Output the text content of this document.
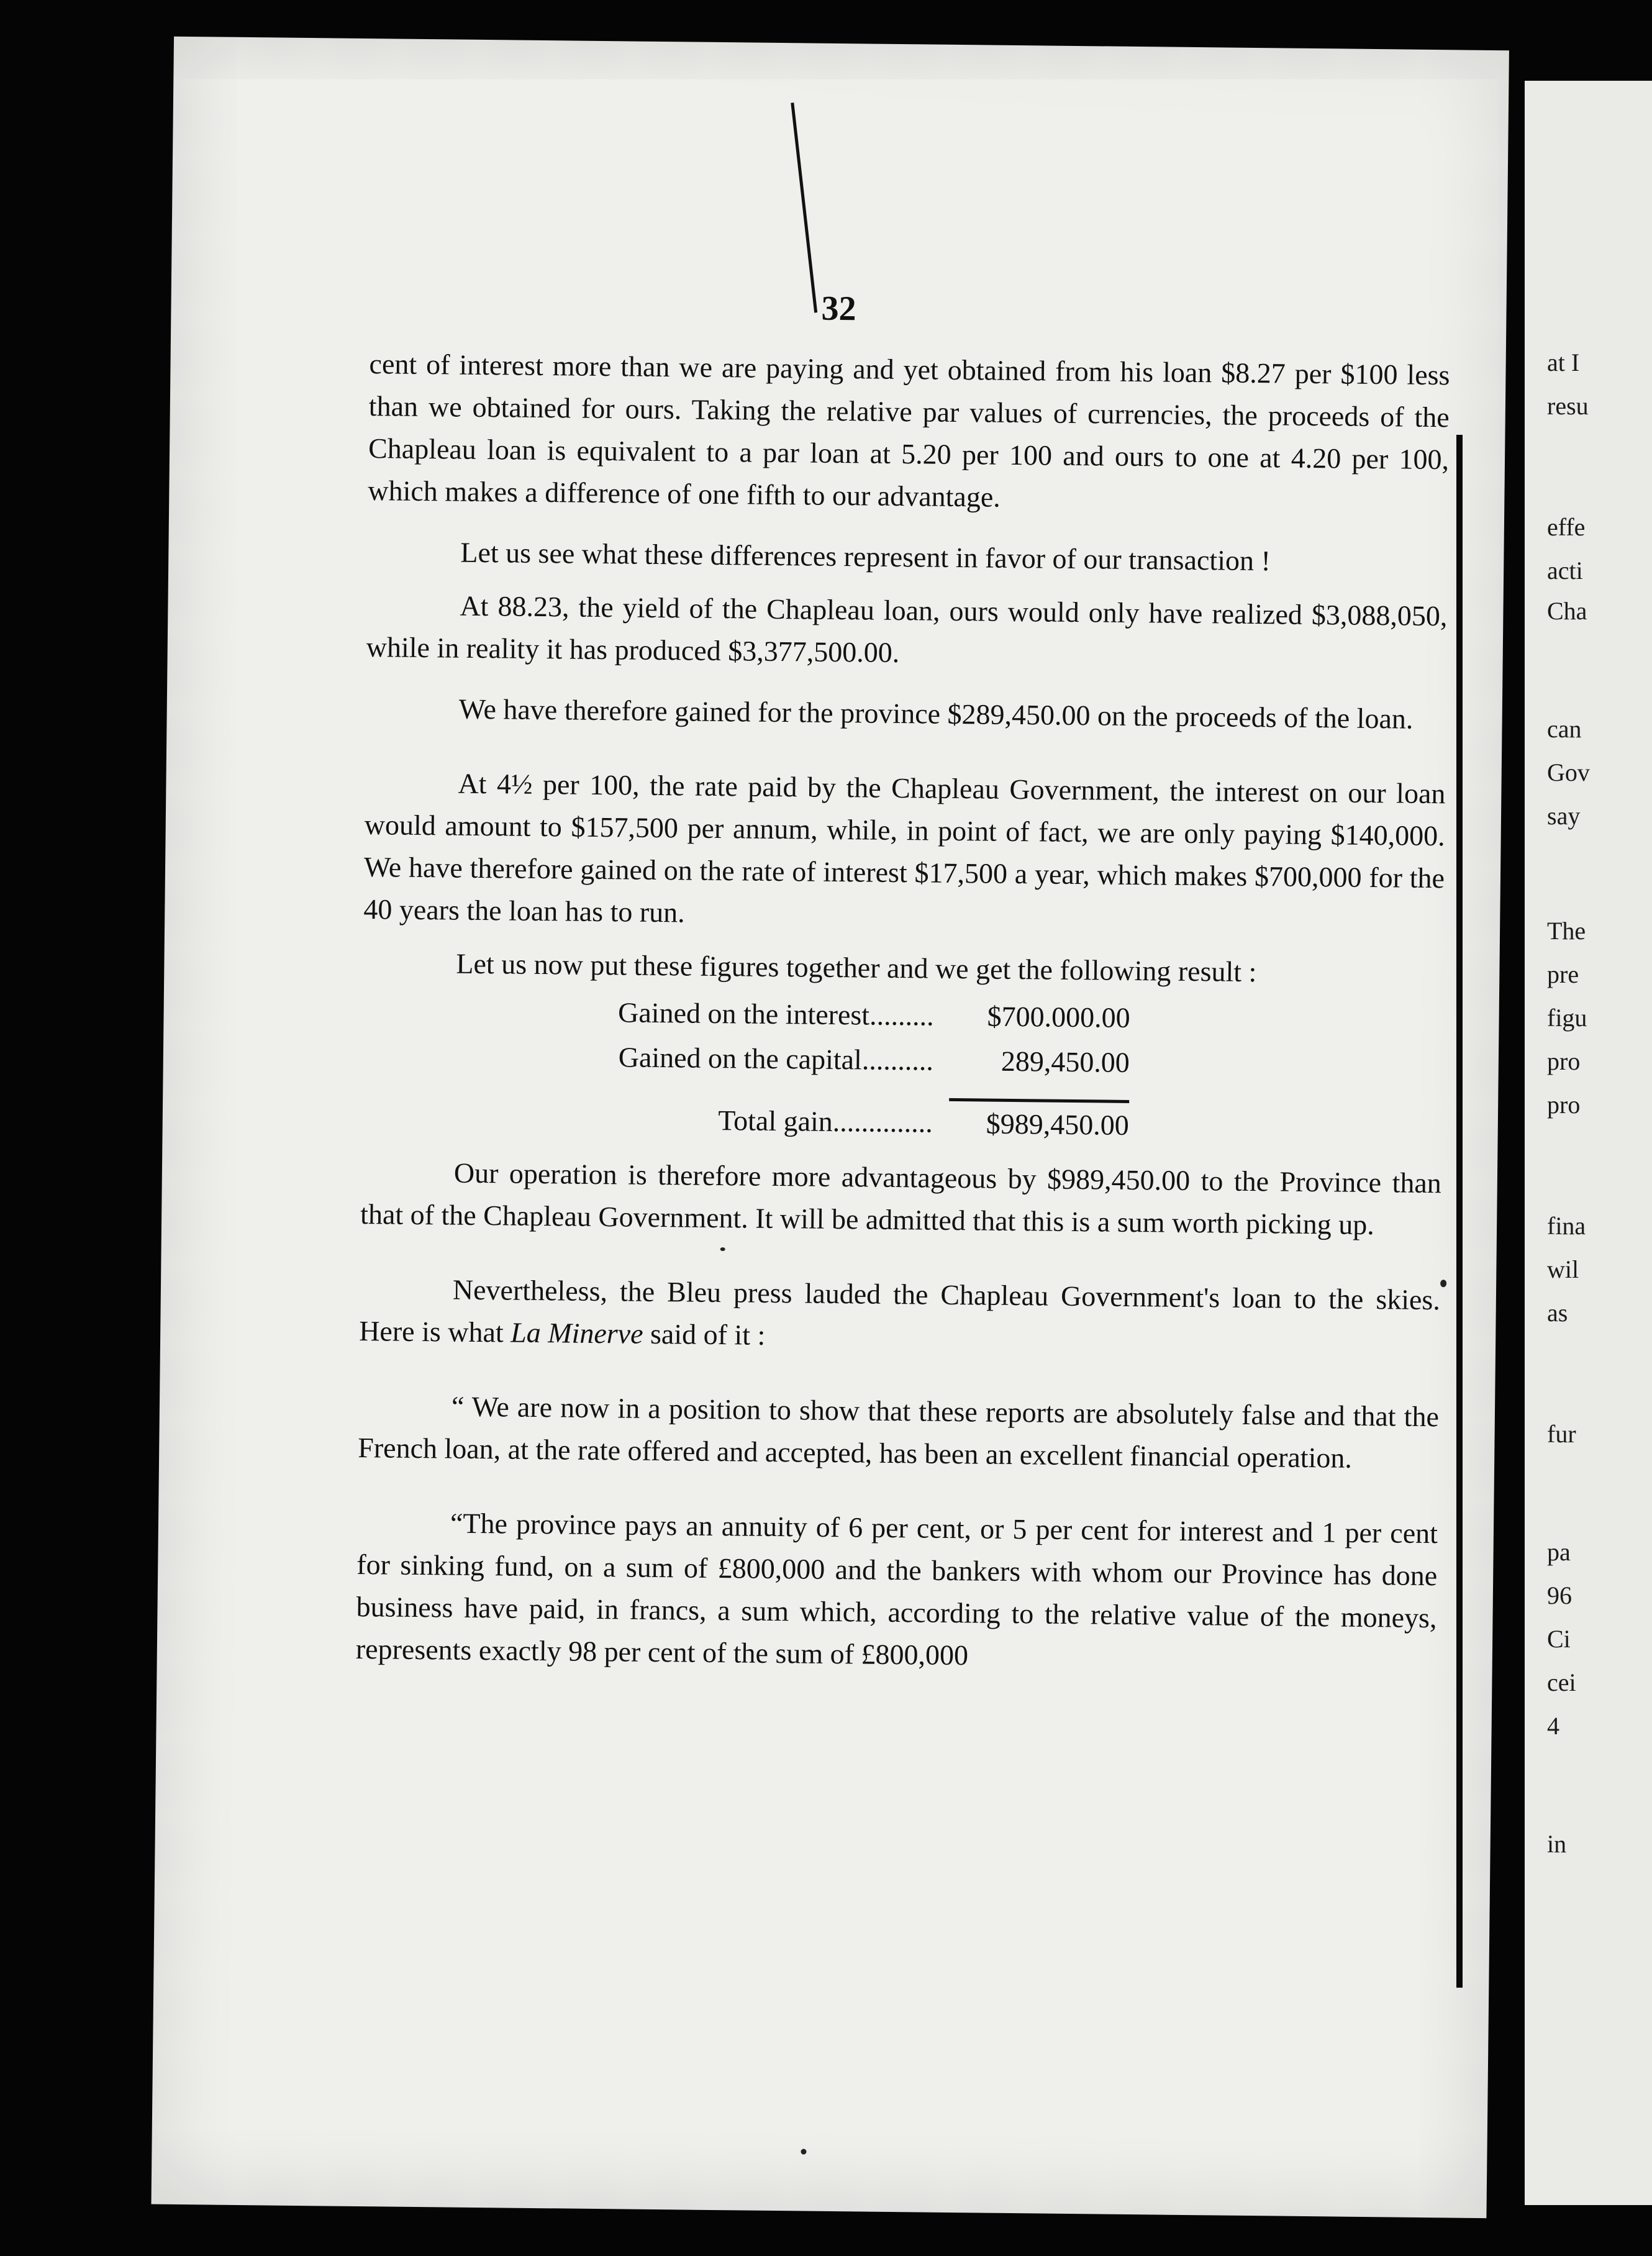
32

cent of interest more than we are paying and yet obtained from his loan $8.27 per $100 less than we obtained for ours. Taking the relative par values of currencies, the proceeds of the Chapleau loan is equivalent to a par loan at 5.20 per 100 and ours to one at 4.20 per 100, which makes a difference of one fifth to our advantage.

Let us see what these differences represent in favor of our transaction !

At 88.23, the yield of the Chapleau loan, ours would only have realized $3,088,050, while in reality it has produced $3,377,500.00.

We have therefore gained for the province $289,450.00 on the proceeds of the loan.

At 4½ per 100, the rate paid by the Chapleau Government, the interest on our loan would amount to $157,500 per annum, while, in point of fact, we are only paying $140,000. We have therefore gained on the rate of interest $17,500 a year, which makes $700,000 for the 40 years the loan has to run.

Let us now put these figures together and we get the following result :

Gained on the interest.........	$700.000.00
Gained on the capital..........	289,450.00

Total gain..............	$989,450.00

Our operation is therefore more advantageous by $989,450.00 to the Province than that of the Chapleau Government. It will be admitted that this is a sum worth picking up.

Nevertheless, the Bleu press lauded the Chapleau Government's loan to the skies. Here is what La Minerve said of it :

“ We are now in a position to show that these reports are absolutely false and that the French loan, at the rate offered and accepted, has been an excellent financial operation.

“The province pays an annuity of 6 per cent, or 5 per cent for interest and 1 per cent for sinking fund, on a sum of £800,000 and the bankers with whom our Province has done business have paid, in francs, a sum which, according to the relative value of the moneys, represents exactly 98 per cent of the sum of £800,000

at I
resu
effe
acti
Cha
can
Gov
say
The
pre
figu
pro
pro
fina
wil
as
fur
pa
96
Ci
cei
4
in
